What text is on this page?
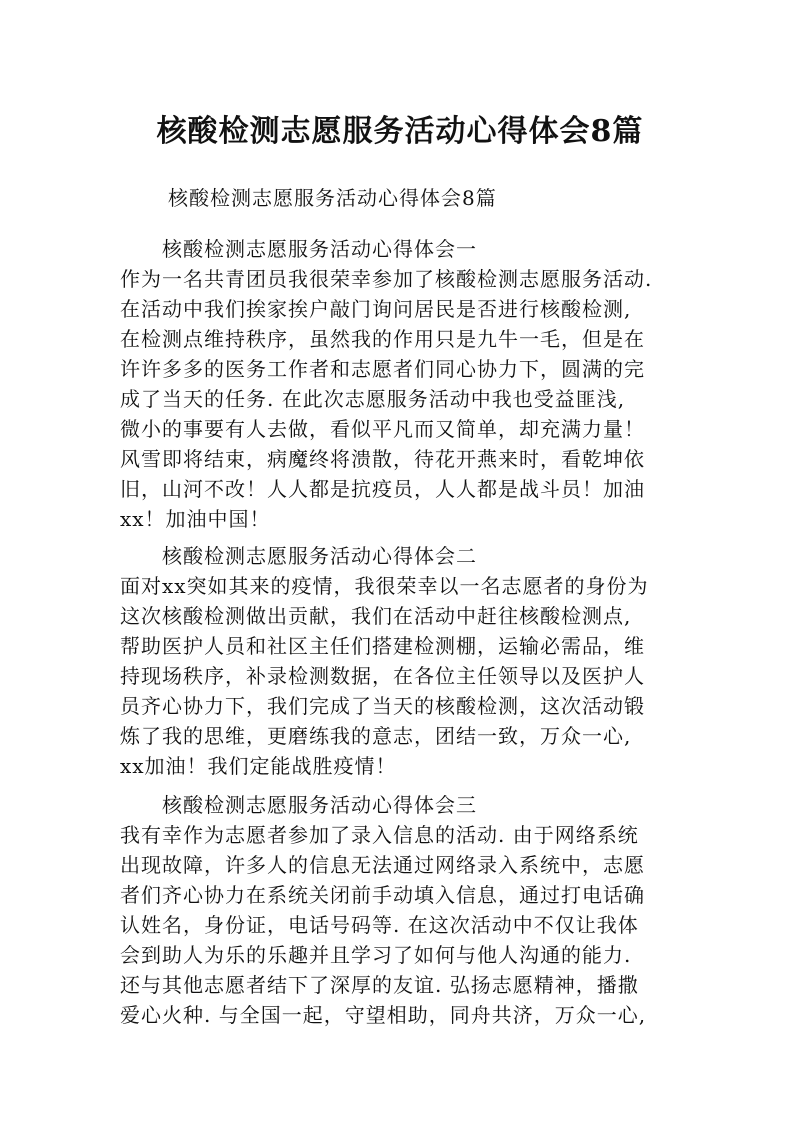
核酸检测志愿服务活动心得体会8篇
核酸检测志愿服务活动心得体会8篇
核酸检测志愿服务活动心得体会一
作为一名共青团员我很荣幸参加了核酸检测志愿服务活动.
在活动中我们挨家挨户敲门询问居民是否进行核酸检测,
在检测点维持秩序，虽然我的作用只是九牛一毛，但是在
许许多多的医务工作者和志愿者们同心协力下，圆满的完
成了当天的任务. 在此次志愿服务活动中我也受益匪浅,
微小的事要有人去做，看似平凡而又简单，却充满力量！
风雪即将结束，病魔终将溃散，待花开燕来时，看乾坤依
旧，山河不改！人人都是抗疫员，人人都是战斗员！加油
xx！加油中国！
核酸检测志愿服务活动心得体会二
面对xx突如其来的疫情，我很荣幸以一名志愿者的身份为
这次核酸检测做出贡献，我们在活动中赶往核酸检测点,
帮助医护人员和社区主任们搭建检测棚，运输必需品，维
持现场秩序，补录检测数据，在各位主任领导以及医护人
员齐心协力下，我们完成了当天的核酸检测，这次活动锻
炼了我的思维，更磨练我的意志，团结一致，万众一心,
xx加油！我们定能战胜疫情！
核酸检测志愿服务活动心得体会三
我有幸作为志愿者参加了录入信息的活动. 由于网络系统
出现故障，许多人的信息无法通过网络录入系统中，志愿
者们齐心协力在系统关闭前手动填入信息，通过打电话确
认姓名，身份证，电话号码等. 在这次活动中不仅让我体
会到助人为乐的乐趣并且学习了如何与他人沟通的能力.
还与其他志愿者结下了深厚的友谊. 弘扬志愿精神，播撒
爱心火种. 与全国一起，守望相助，同舟共济，万众一心,
